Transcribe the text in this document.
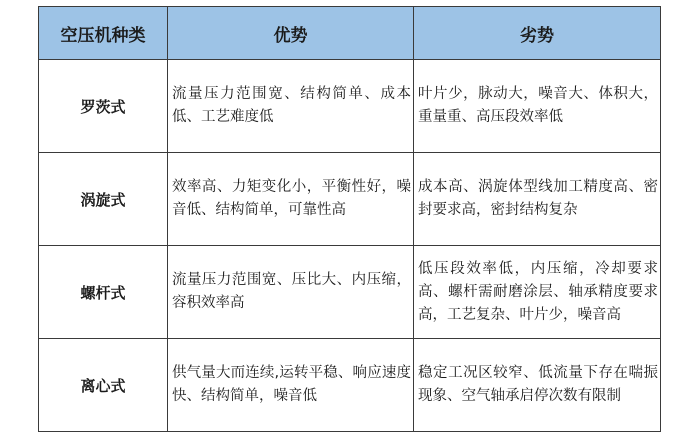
空压机种类	优势	劣势
罗茨式	流量压力范围宽、结构简单、成本低、工艺难度低	叶片少，脉动大，噪音大、体积大，重量重、高压段效率低
涡旋式	效率高、力矩变化小，平衡性好，噪音低、结构简单，可靠性高	成本高、涡旋体型线加工精度高、密封要求高，密封结构复杂
螺杆式	流量压力范围宽、压比大、内压缩，容积效率高	低压段效率低，内压缩，冷却要求高、螺杆需耐磨涂层、轴承精度要求高，工艺复杂、叶片少，噪音高
离心式	供气量大而连续,运转平稳、响应速度快、结构简单，噪音低	稳定工况区较窄、低流量下存在喘振现象、空气轴承启停次数有限制
